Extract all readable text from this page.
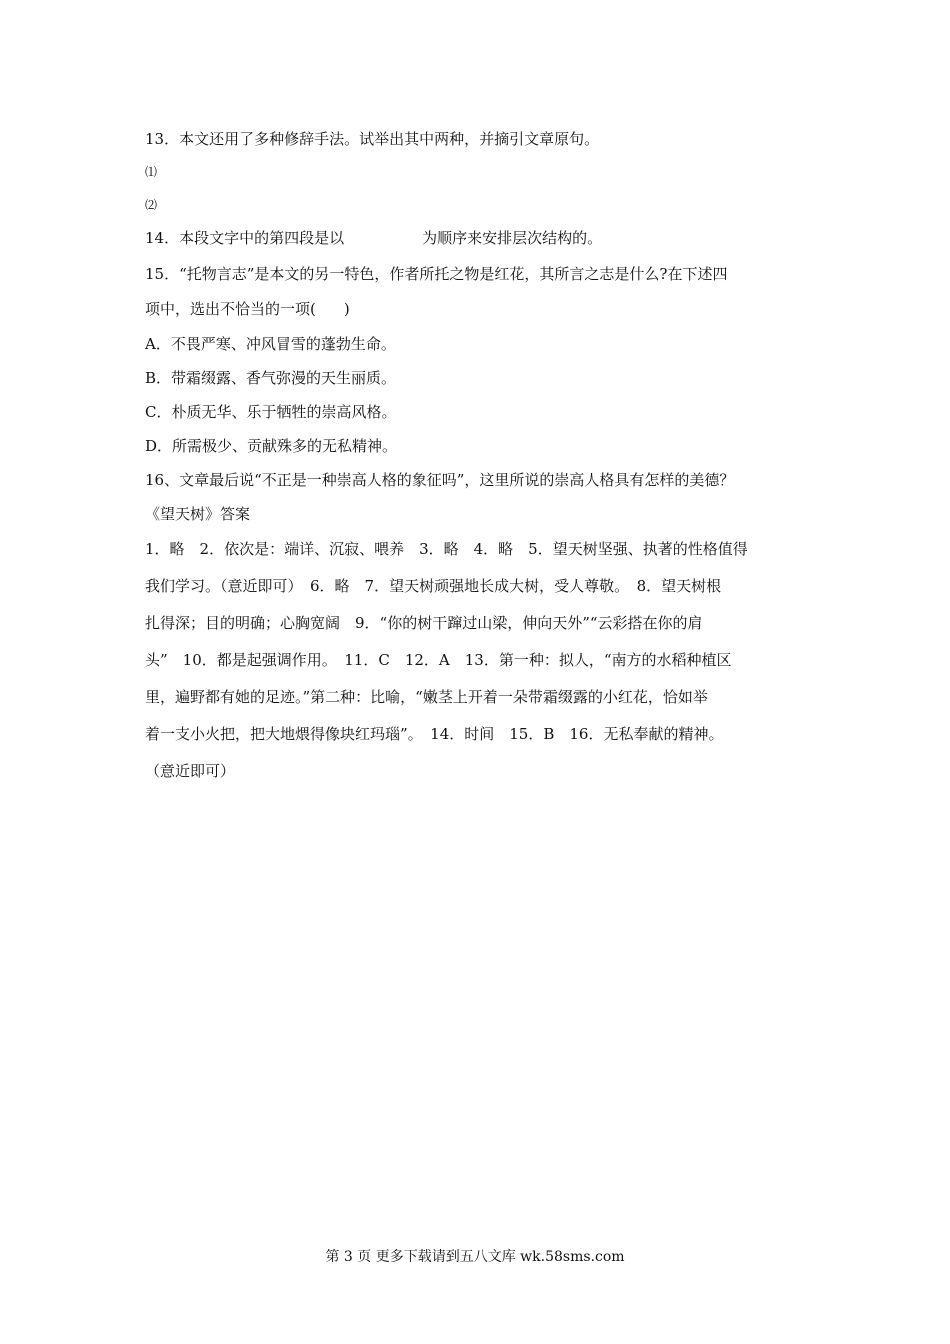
13．本文还用了多种修辞手法。试举出其中两种，并摘引文章原句。
⑴
⑵
14．本段文字中的第四段是以	为顺序来安排层次结构的。
15．“托物言志”是本文的另一特色，作者所托之物是红花，其所言之志是什么?在下述四
项中，选出不恰当的一项( )
A．不畏严寒、冲风冒雪的蓬勃生命。
B．带霜缀露、香气弥漫的天生丽质。
C．朴质无华、乐于牺牲的崇高风格。
D．所需极少、贡献殊多的无私精神。
16、文章最后说“不正是一种崇高人格的象征吗”，这里所说的崇高人格具有怎样的美德？
《望天树》答案
1．略　2．依次是：端详、沉寂、喂养　3．略　4．略　5．望天树坚强、执著的性格值得
我们学习。（意近即可）　6．略　7．望天树顽强地长成大树，受人尊敬。　8．望天树根
扎得深；目的明确；心胸宽阔　9．“你的树干蹿过山梁，伸向天外”“云彩搭在你的肩
头”　10．都是起强调作用。　11．C　12．A　13．第一种：拟人，“南方的水稻种植区
里，遍野都有她的足迹。”第二种：比喻，“嫩茎上开着一朵带霜缀露的小红花，恰如举
着一支小火把，把大地煨得像块红玛瑙”。　14．时间　15．B　16．无私奉献的精神。
（意近即可）
第 3 页 更多下载请到五八文库 wk.58sms.com
